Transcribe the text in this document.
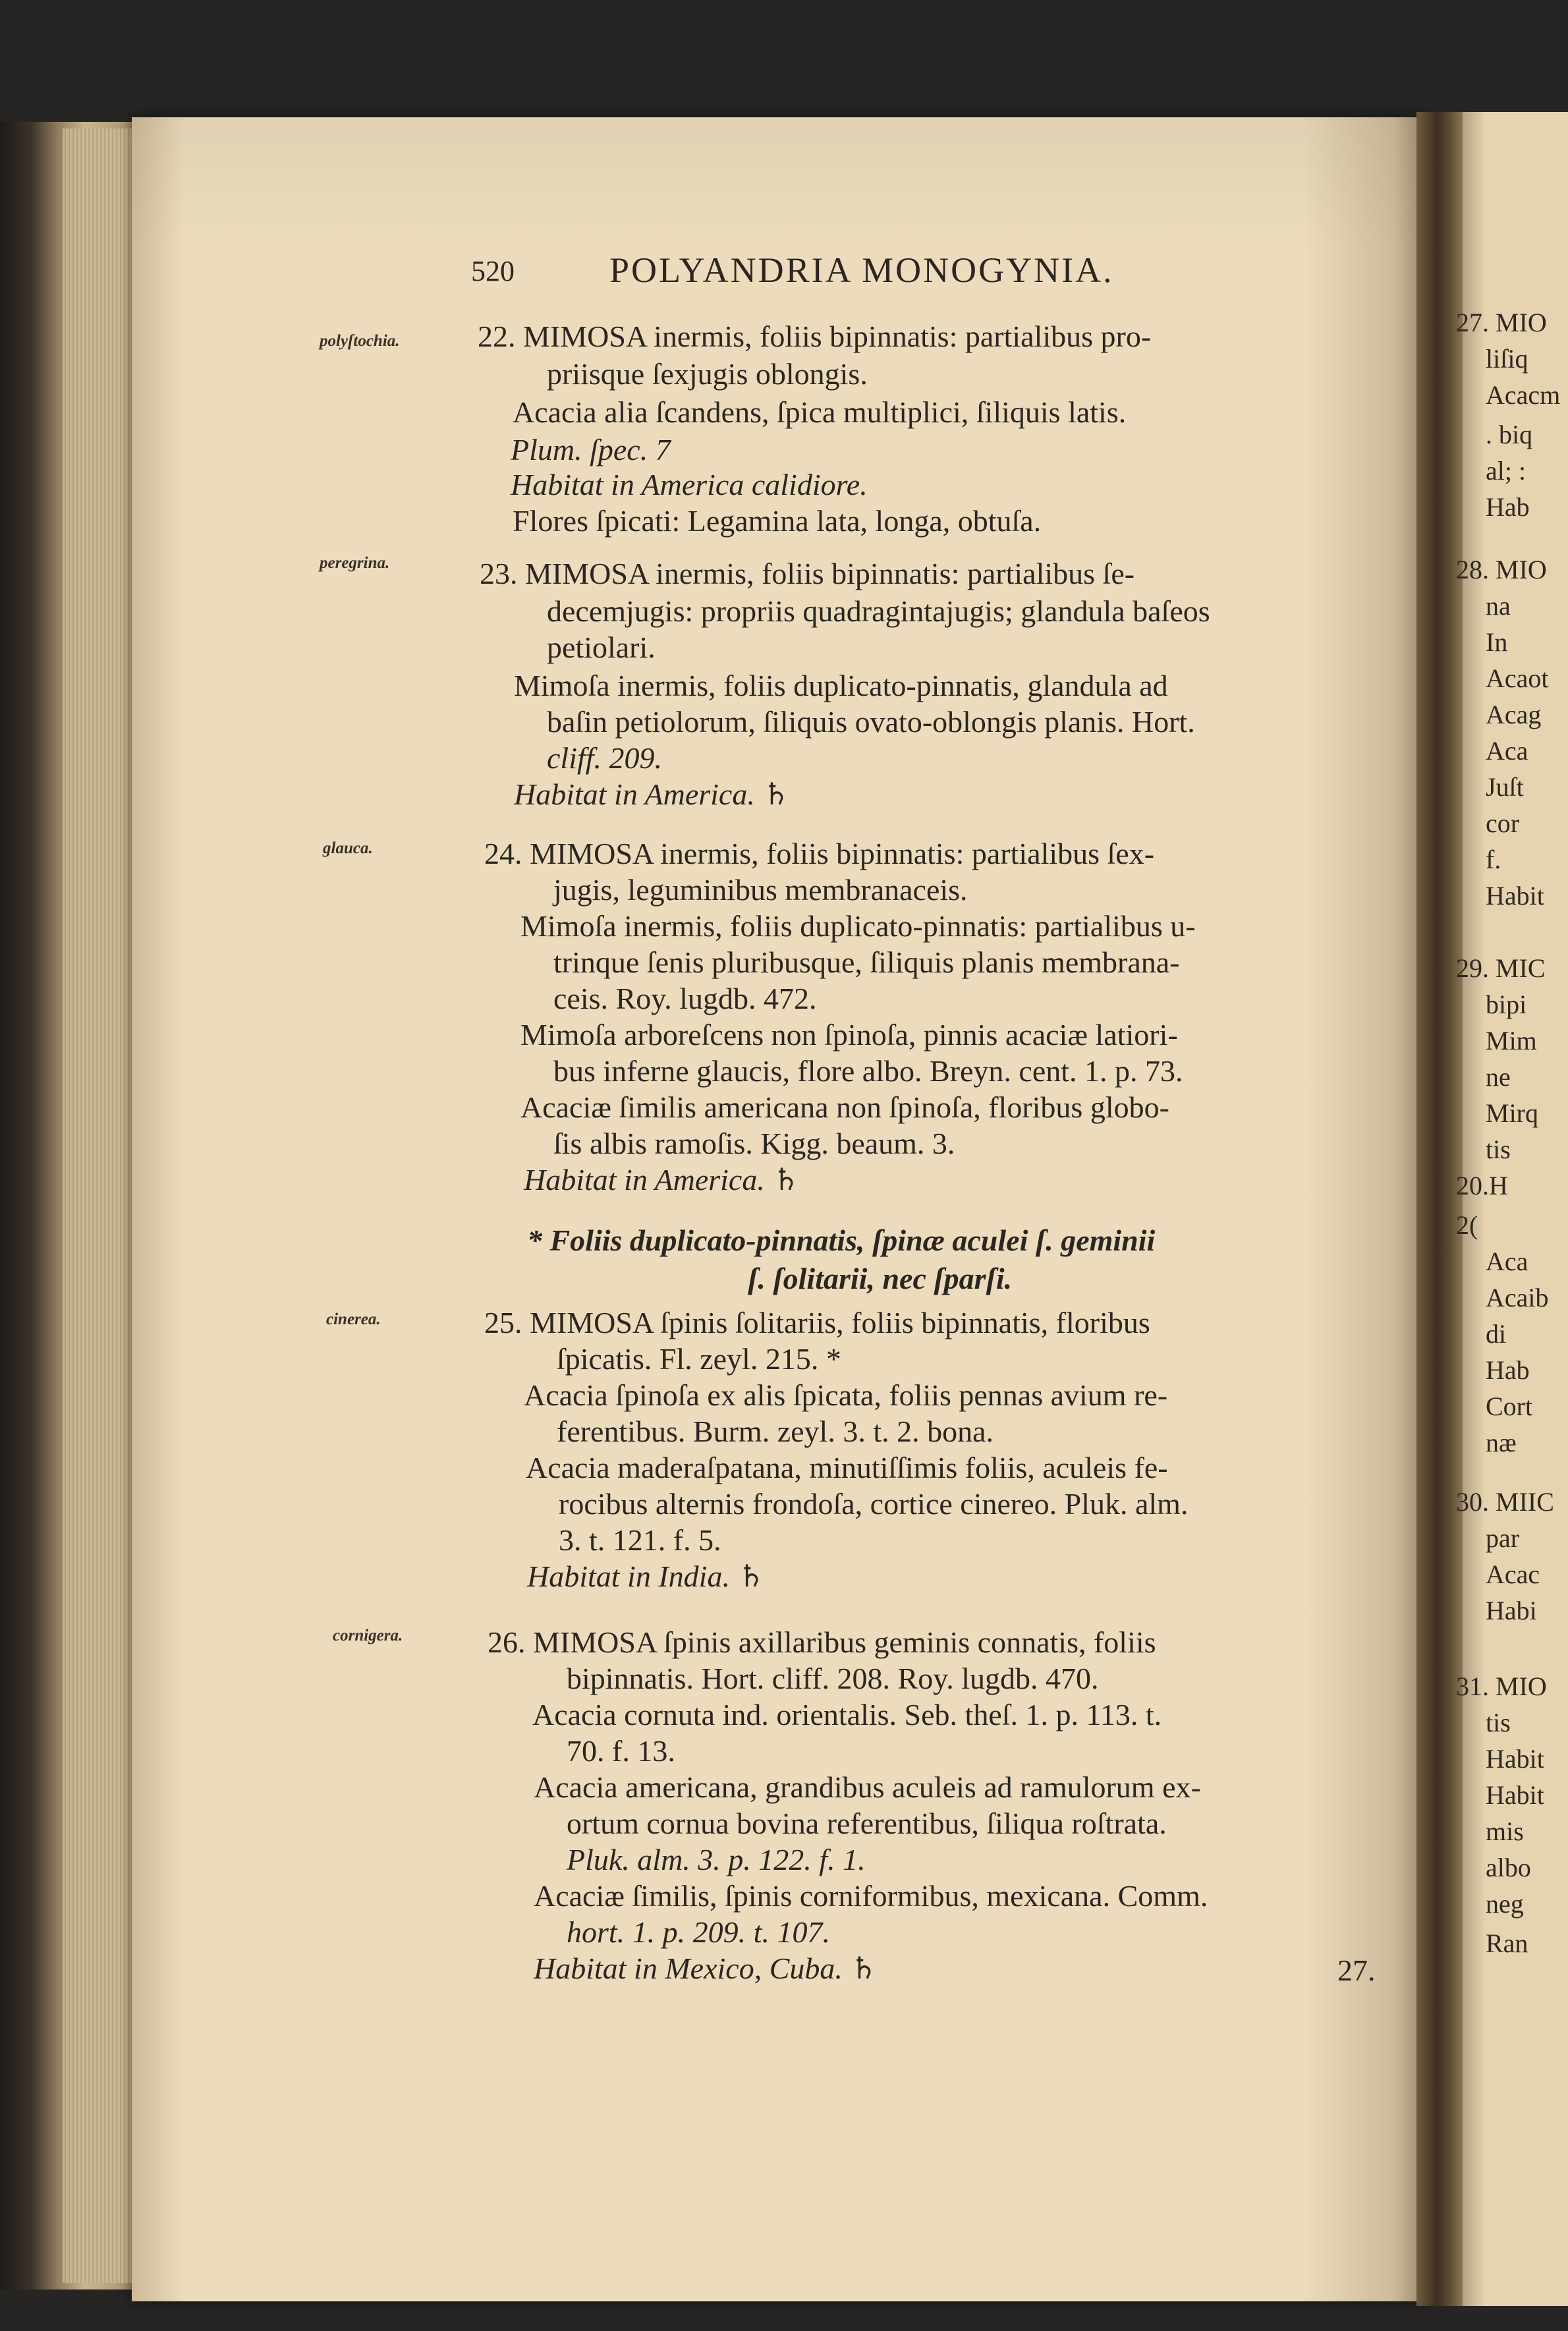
520	POLYANDRIA MONOGYNIA.
polyſtochia.
peregrina.
glauca.
cinerea.
cornigera.
22. MIMOSA inermis, foliis bipinnatis: partialibus pro-
priisque ſexjugis oblongis.
Acacia alia ſcandens, ſpica multiplici, ſiliquis latis.
Plum. ſpec. 7
Habitat in America calidiore.
Flores ſpicati: Legamina lata, longa, obtuſa.
23. MIMOSA inermis, foliis bipinnatis: partialibus ſe-
decemjugis: propriis quadragintajugis; glandula baſeos
petiolari.
Mimoſa inermis, foliis duplicato-pinnatis, glandula ad
baſin petiolorum, ſiliquis ovato-oblongis planis. Hort.
cliff. 209.
Habitat in America. ♄
24. MIMOSA inermis, foliis bipinnatis: partialibus ſex-
jugis, leguminibus membranaceis.
Mimoſa inermis, foliis duplicato-pinnatis: partialibus u-
trinque ſenis pluribusque, ſiliquis planis membrana-
ceis. Roy. lugdb. 472.
Mimoſa arboreſcens non ſpinoſa, pinnis acaciæ latiori-
bus inferne glaucis, flore albo. Breyn. cent. 1. p. 73.
Acaciæ ſimilis americana non ſpinoſa, floribus globo-
ſis albis ramoſis. Kigg. beaum. 3.
Habitat in America. ♄
* Foliis duplicato-pinnatis, ſpinæ aculei ſ. geminii
ſ. ſolitarii, nec ſparſi.
25. MIMOSA ſpinis ſolitariis, foliis bipinnatis, floribus
ſpicatis. Fl. zeyl. 215. *
Acacia ſpinoſa ex alis ſpicata, foliis pennas avium re-
ferentibus. Burm. zeyl. 3. t. 2. bona.
Acacia maderaſpatana, minutiſſimis foliis, aculeis fe-
rocibus alternis frondoſa, cortice cinereo. Pluk. alm.
3. t. 121. f. 5.
Habitat in India. ♄
26. MIMOSA ſpinis axillaribus geminis connatis, foliis
bipinnatis. Hort. cliff. 208. Roy. lugdb. 470.
Acacia cornuta ind. orientalis. Seb. theſ. 1. p. 113. t.
70. f. 13.
Acacia americana, grandibus aculeis ad ramulorum ex-
ortum cornua bovina referentibus, ſiliqua roſtrata.
Pluk. alm. 3. p. 122. f. 1.
Acaciæ ſimilis, ſpinis corniformibus, mexicana. Comm.
hort. 1. p. 209. t. 107.
Habitat in Mexico, Cuba. ♄	27.
27. MIO
liſiq
Acacm
. biq
al; :
Hab
28. MIO
na
In
Acaot
Acag
Aca
Juſt
cor
f.
Habit
29. MIC
bipi
Mim
ne
Mirq
tis
20.H
2(
Aca
Acaib
di
Hab
Cort
næ
30. MIIC
par
Acac
Habi
31. MIO
tis
Habit
Habit
mis
albo
neg
Ran
